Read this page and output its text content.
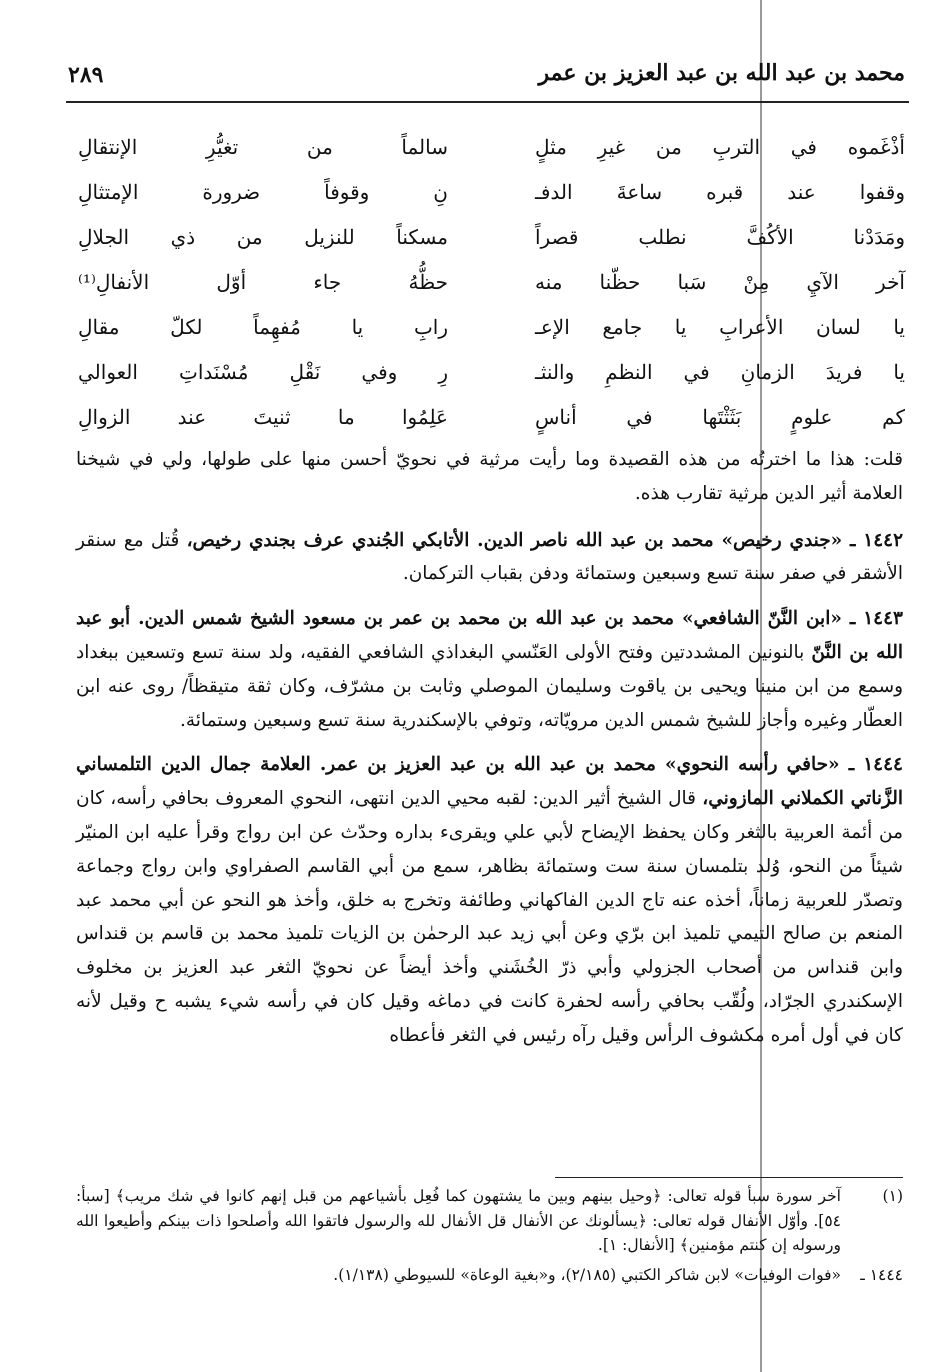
محمد بن عبد الله بن عبد العزيز بن عمر
٢٨٩
أذْغَموه في التربِ من غيرِ مثلٍ
سالماً من تغيُّرِ الإنتقالِ
وقفوا عند قبره ساعةَ الدفـ
نِ وقوفاً ضرورة الإمتثالِ
ومَدَدْنا الأكُفَّ نطلب قصراً
مسكناً للنزيل من ذي الجلالِ
آخر الآيِ مِنْ سَبا حظّنا منه
حظُّهُ جاء أوّل الأنفالِ⁽¹⁾
يا لسان الأعرابِ يا جامع الإعـ
رابِ يا مُفهِماً لكلّ مقالِ
يا فريدَ الزمانِ في النظمِ والنثـ
رِ وفي نَقْلِ مُسْنَداتِ العوالي
كم علومٍ بَثَثْتَها في أناسٍ
عَلِمُوا ما ثنيتَ عند الزوالِ

قلت: هذا ما اخترتُه من هذه القصيدة وما رأيت مرثية في نحويّ أحسن منها على طولها، ولي في شيخنا العلامة أثير الدين مرثية تقارب هذه.

١٤٤٢ ـ «جندي رخيص» محمد بن عبد الله ناصر الدين. الأتابكي الجُندي عرف بجندي رخيص، قُتل مع سنقر الأشقر في صفر سنة تسع وسبعين وستمائة ودفن بقباب التركمان.

١٤٤٣ ـ «ابن النَّنّ الشافعي» محمد بن عبد الله بن محمد بن عمر بن مسعود الشيخ شمس الدين. أبو عبد الله بن النَّنّ بالنونين المشددتين وفتح الأولى العَنّسي البغداذي الشافعي الفقيه، ولد سنة تسع وتسعين ببغداد وسمع من ابن منينا ويحيى بن ياقوت وسليمان الموصلي وثابت بن مشرّف، وكان ثقة متيقظاً/ روى عنه ابن العطّار وغيره وأجاز للشيخ شمس الدين مرويّاته، وتوفي بالإسكندرية سنة تسع وسبعين وستمائة.

١٤٤٤ ـ «حافي رأسه النحوي» محمد بن عبد الله بن عبد العزيز بن عمر. العلامة جمال الدين التلمساني الزَّناتي الكملاني المازوني، قال الشيخ أثير الدين: لقبه محيي الدين انتهى، النحوي المعروف بحافي رأسه، كان من أئمة العربية بالثغر وكان يحفظ الإيضاح لأبي علي ويقرىء بداره وحدّث عن ابن رواج وقرأ عليه ابن المنيّر شيئاً من النحو، وُلد بتلمسان سنة ست وستمائة بظاهر، سمع من أبي القاسم الصفراوي وابن رواج وجماعة وتصدّر للعربية زماناً، أخذه عنه تاج الدين الفاكهاني وطائفة وتخرج به خلق، وأخذ هو النحو عن أبي محمد عبد المنعم بن صالح التيمي تلميذ ابن برّي وعن أبي زيد عبد الرحمٰن بن الزيات تلميذ محمد بن قاسم بن قنداس وابن قنداس من أصحاب الجزولي وأبي ذرّ الخُشَني وأخذ أيضاً عن نحويّ الثغر عبد العزيز بن مخلوف الإسكندري الجرّاد، ولُقّب بحافي رأسه لحفرة كانت في دماغه وقيل كان في رأسه شيء يشبه ح وقيل لأنه كان في أول أمره مكشوف الرأس وقيل رآه رئيس في الثغر فأعطاه

(١)
آخر سورة سبأ قوله تعالى: ﴿وحيل بينهم وبين ما يشتهون كما فُعِل بأشياعهم من قبل إنهم كانوا في شك مريب﴾ [سبأ: ٥٤]. وأوّل الأنفال قوله تعالى: ﴿يسألونك عن الأنفال قل الأنفال لله والرسول فاتقوا الله وأصلحوا ذات بينكم وأطيعوا الله ورسوله إن كنتم مؤمنين﴾ [الأنفال: ١].
١٤٤٤ ـ
«فوات الوفيات» لابن شاكر الكتبي (٢/١٨٥)، و«بغية الوعاة» للسيوطي (١/١٣٨).
